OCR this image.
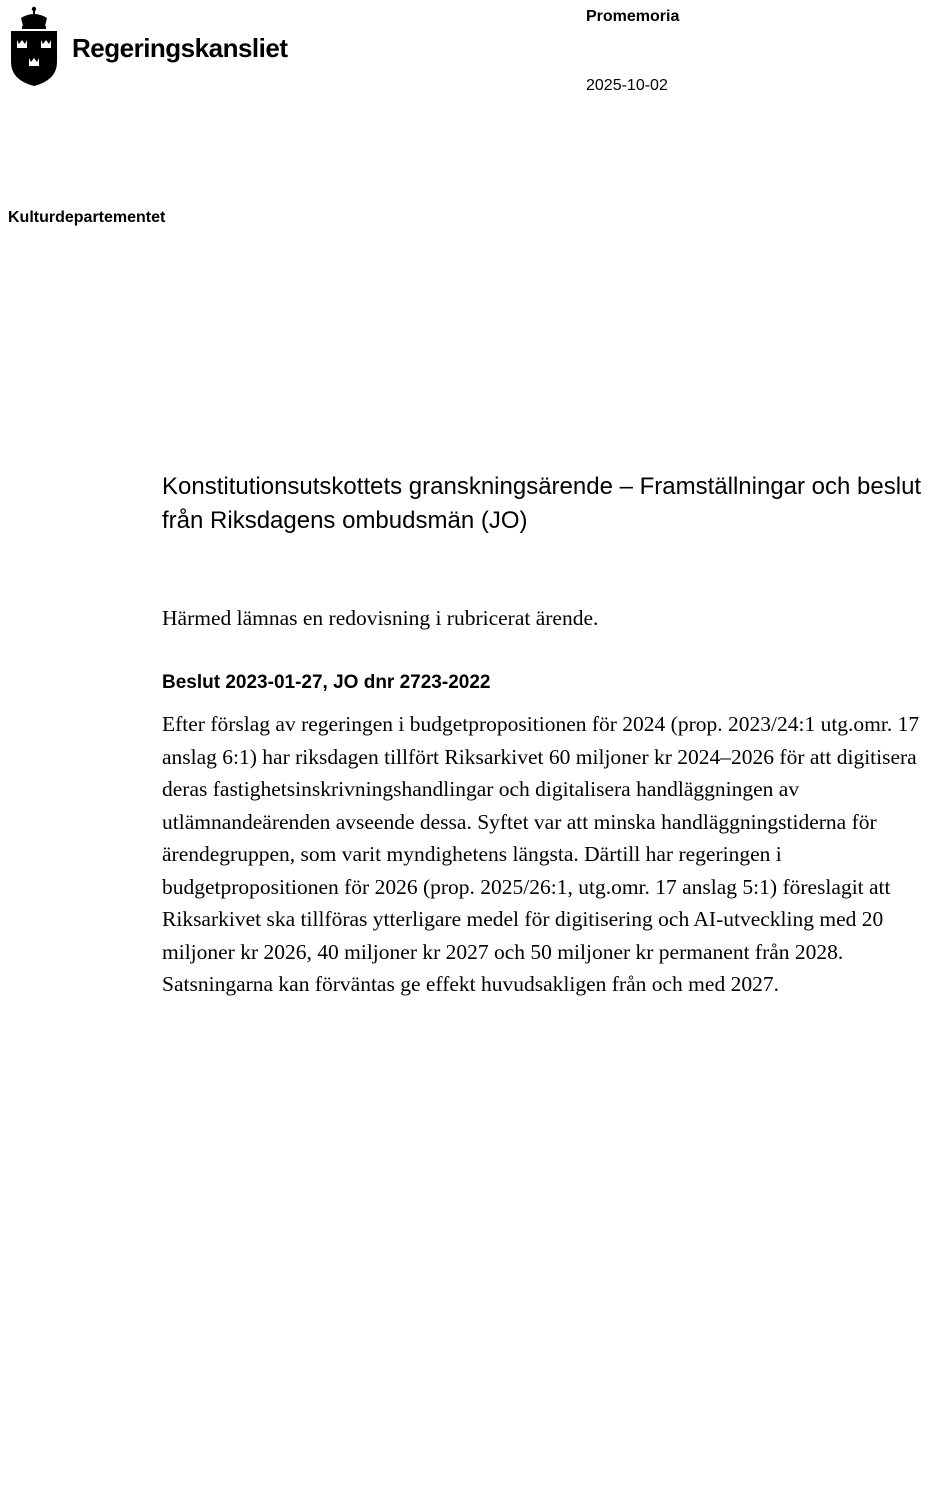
Regeringskansliet
Promemoria
2025-10-02
Kulturdepartementet
Konstitutionsutskottets granskningsärende – Framställningar och beslut från Riksdagens ombudsmän (JO)
Härmed lämnas en redovisning i rubricerat ärende.
Beslut 2023-01-27, JO dnr 2723-2022

Efter förslag av regeringen i budgetpropositionen för 2024 (prop. 2023/24:1 utg.omr. 17 anslag 6:1) har riksdagen tillfört Riksarkivet 60 miljoner kr 2024–2026 för att digitisera deras fastighetsinskrivningshandlingar och digitalisera handläggningen av utlämnandeärenden avseende dessa. Syftet var att minska handläggningstiderna för ärendegruppen, som varit myndighetens längsta. Därtill har regeringen i budgetpropositionen för 2026 (prop. 2025/26:1, utg.omr. 17 anslag 5:1) föreslagit att Riksarkivet ska tillföras ytterligare medel för digitisering och AI-utveckling med 20 miljoner kr 2026, 40 miljoner kr 2027 och 50 miljoner kr permanent från 2028. Satsningarna kan förväntas ge effekt huvudsakligen från och med 2027.
